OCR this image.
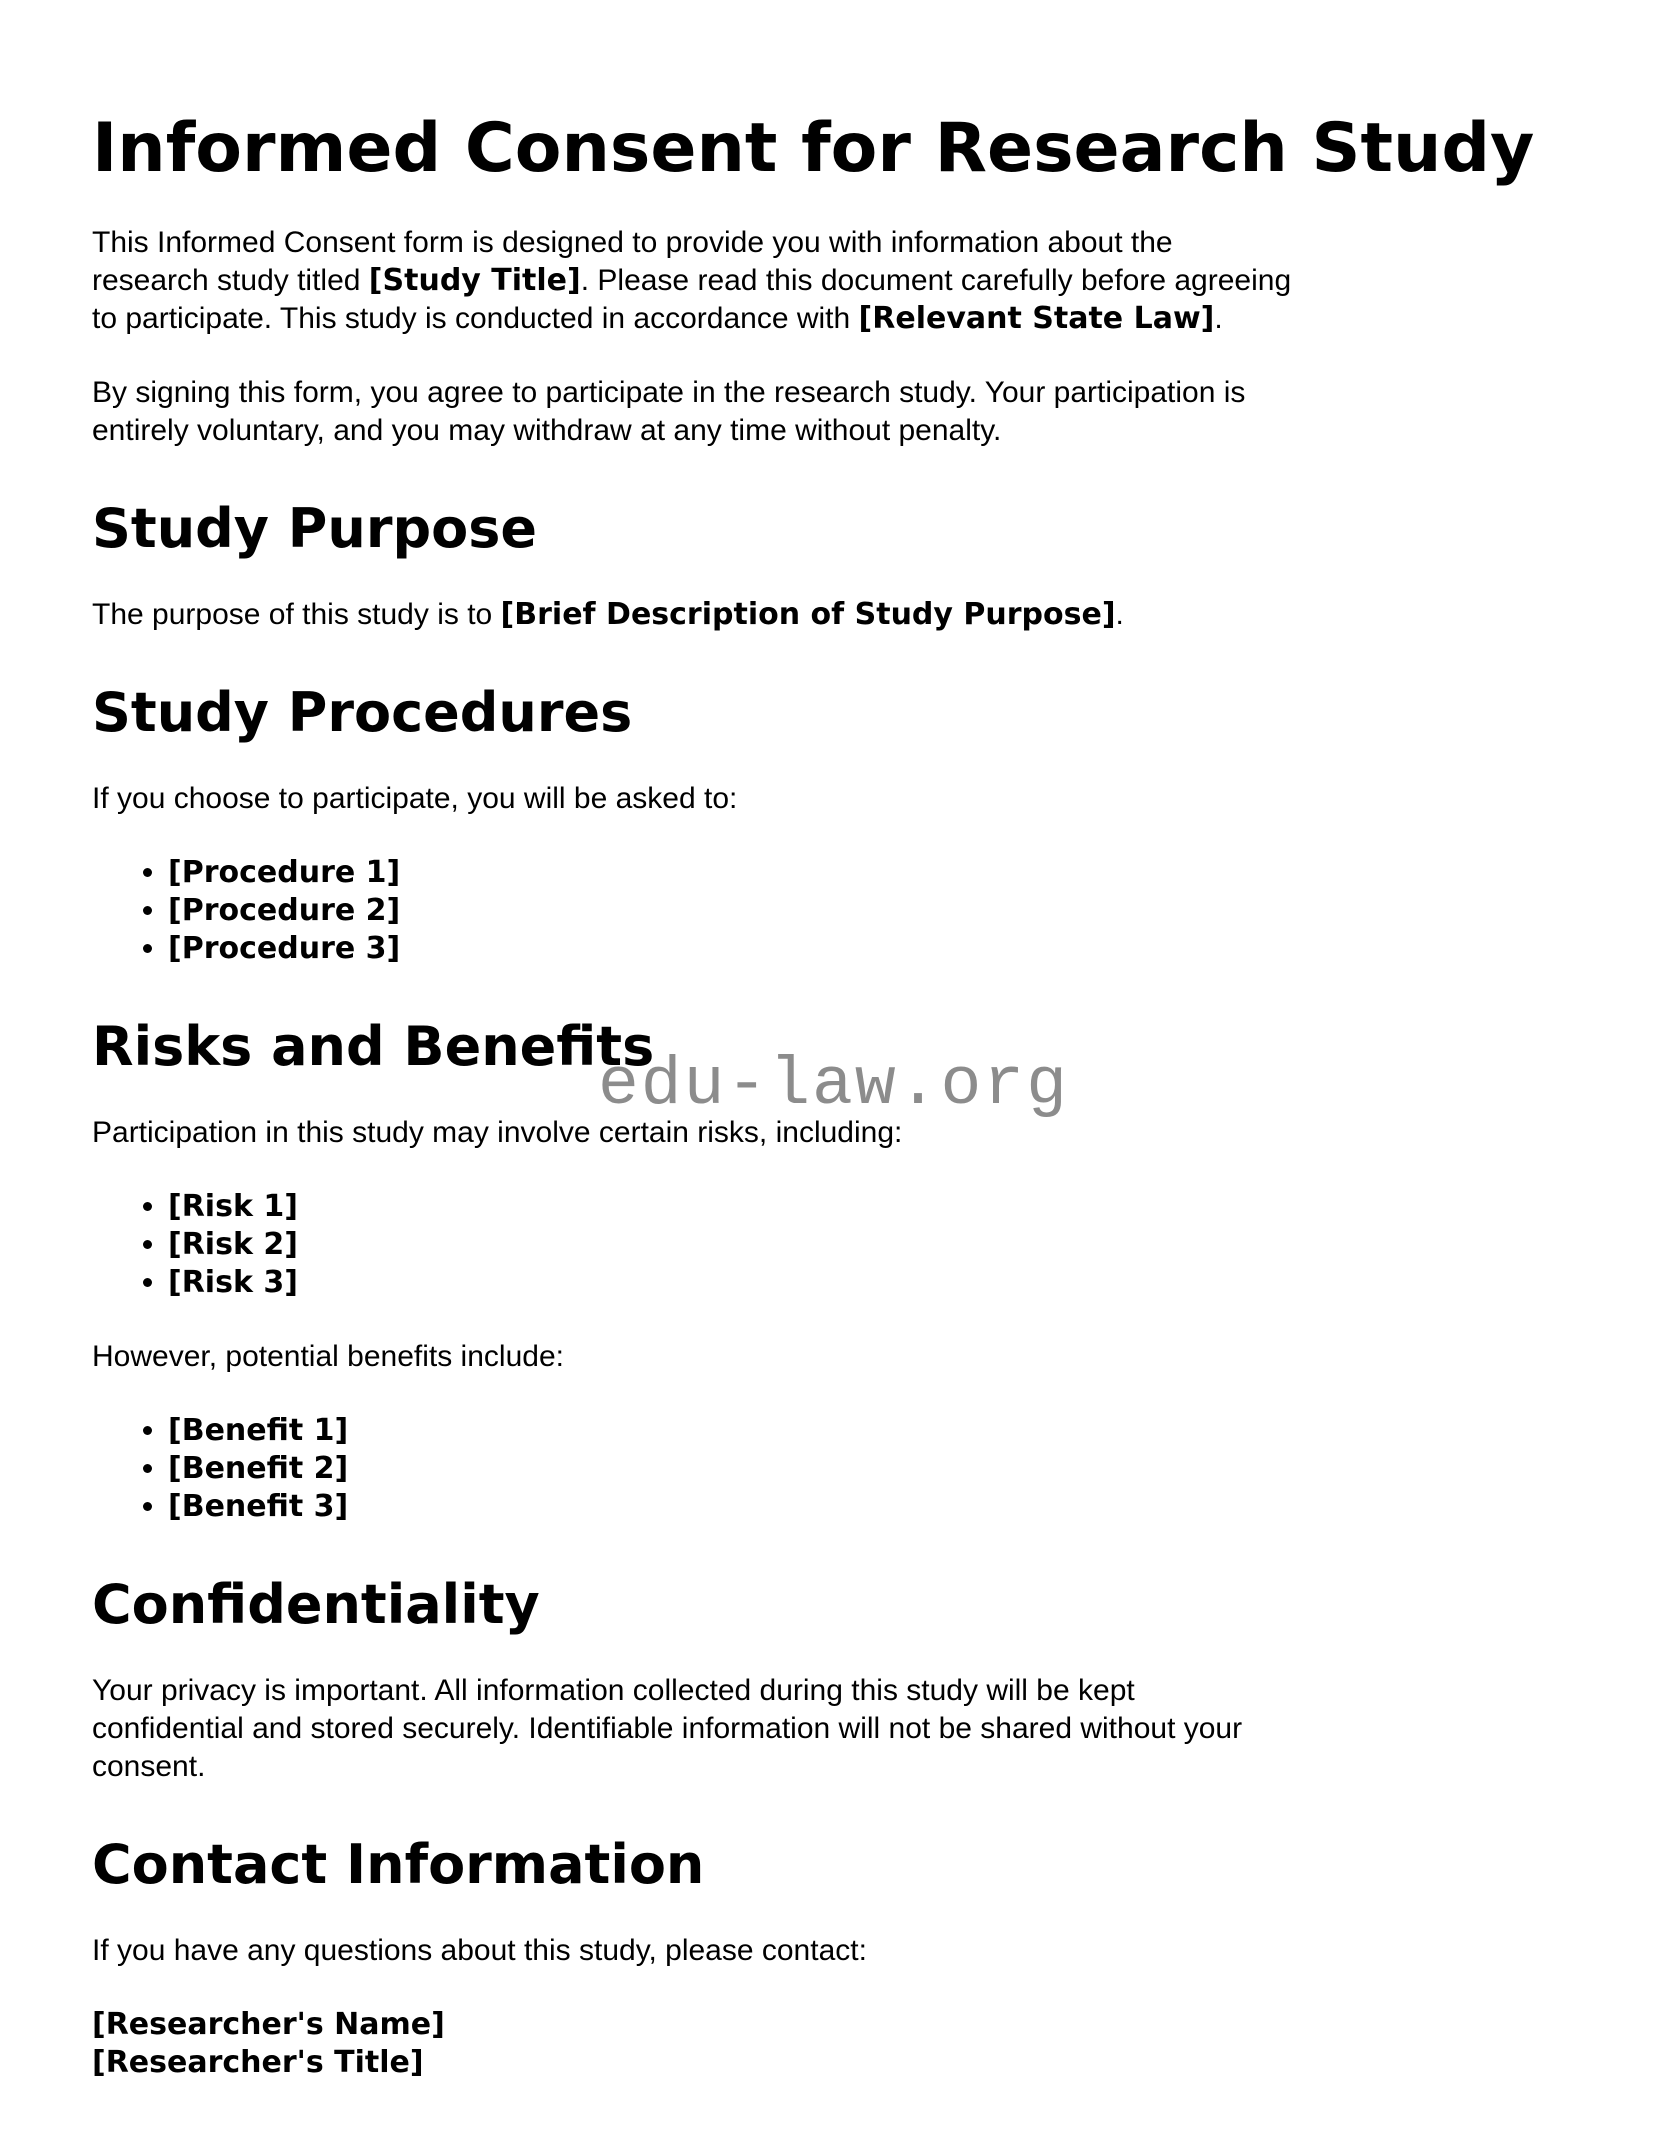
edu-law.org
Informed Consent for Research Study

This Informed Consent form is designed to provide you with information about the
research study titled [Study Title]. Please read this document carefully before agreeing
to participate. This study is conducted in accordance with [Relevant State Law].

By signing this form, you agree to participate in the research study. Your participation is
entirely voluntary, and you may withdraw at any time without penalty.

Study Purpose

The purpose of this study is to [Brief Description of Study Purpose].

Study Procedures

If you choose to participate, you will be asked to:

• [Procedure 1]
• [Procedure 2]
• [Procedure 3]
Risks and Benefits

Participation in this study may involve certain risks, including:

• [Risk 1]
• [Risk 2]
• [Risk 3]

However, potential benefits include:

• [Benefit 1]
• [Benefit 2]
• [Benefit 3]
Confidentiality

Your privacy is important. All information collected during this study will be kept
confidential and stored securely. Identifiable information will not be shared without your
consent.

Contact Information

If you have any questions about this study, please contact:

[Researcher's Name]
[Researcher's Title]
